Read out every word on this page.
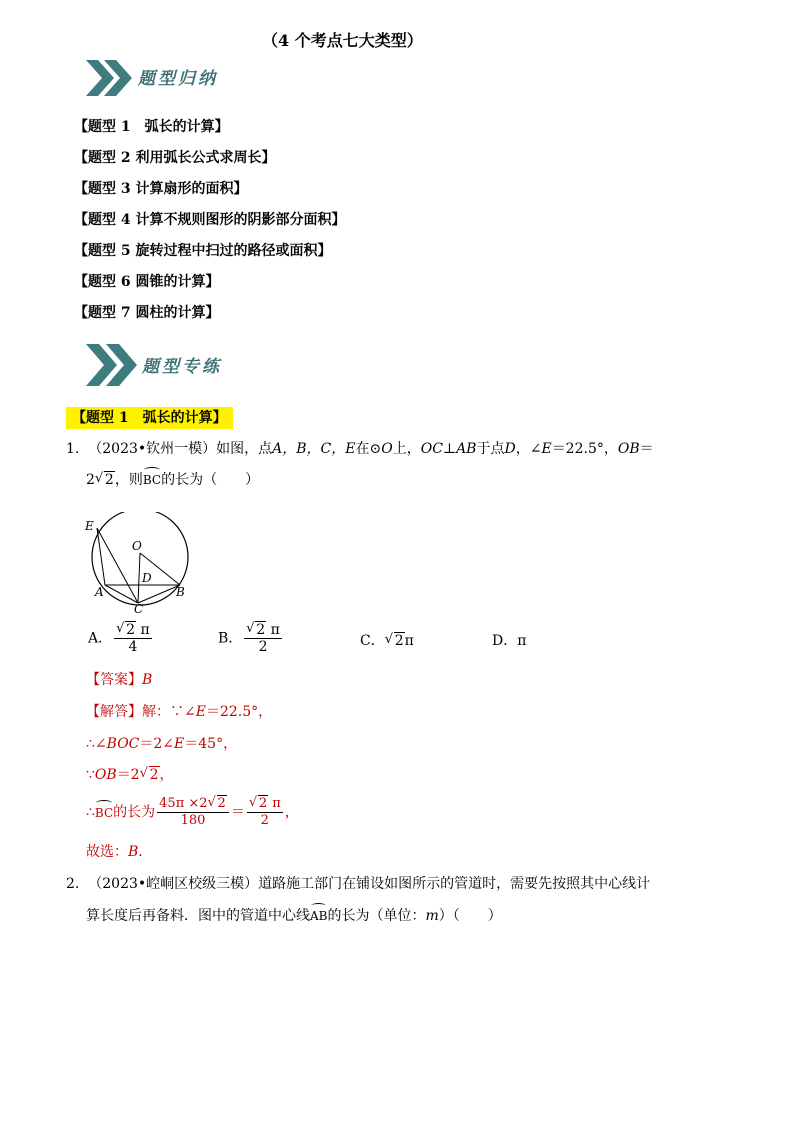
（4 个考点七大类型）
题型归纳
【题型 1　弧长的计算】
【题型 2 利用弧长公式求周长】
【题型 3 计算扇形的面积】
【题型 4 计算不规则图形的阴影部分面积】
【题型 5 旋转过程中扫过的路径或面积】
【题型 6 圆锥的计算】
【题型 7 圆柱的计算】
题型专练
【题型 1　弧长的计算】
1. （2023•钦州一模）如图，点A，B，C，E在⊙O上，OC⊥AB于点D，∠E＝22.5°，OB＝
2 √ 2，则BC的长为（　　）
E
O
D
A
C
B
A． √ $\frac{2 \pi}{4}$	B． √ $\frac{2 \pi}{2}$	C． √ 2π	D．π
【答案】B
【解答】解：∵∠E＝22.5°，
∴∠BOC＝2∠E＝45°，
∵OB＝2 √ 2，
∴BC的长为 $\frac{45\pi \times 2 √ 2}{180}$ ＝ √ $\frac{2 \pi}{2}$ ，
故选：B．
2. （2023•崆峒区校级三模）道路施工部门在铺设如图所示的管道时，需要先按照其中心线计
算长度后再备料．图中的管道中心线AB的长为（单位：m）（　　）
